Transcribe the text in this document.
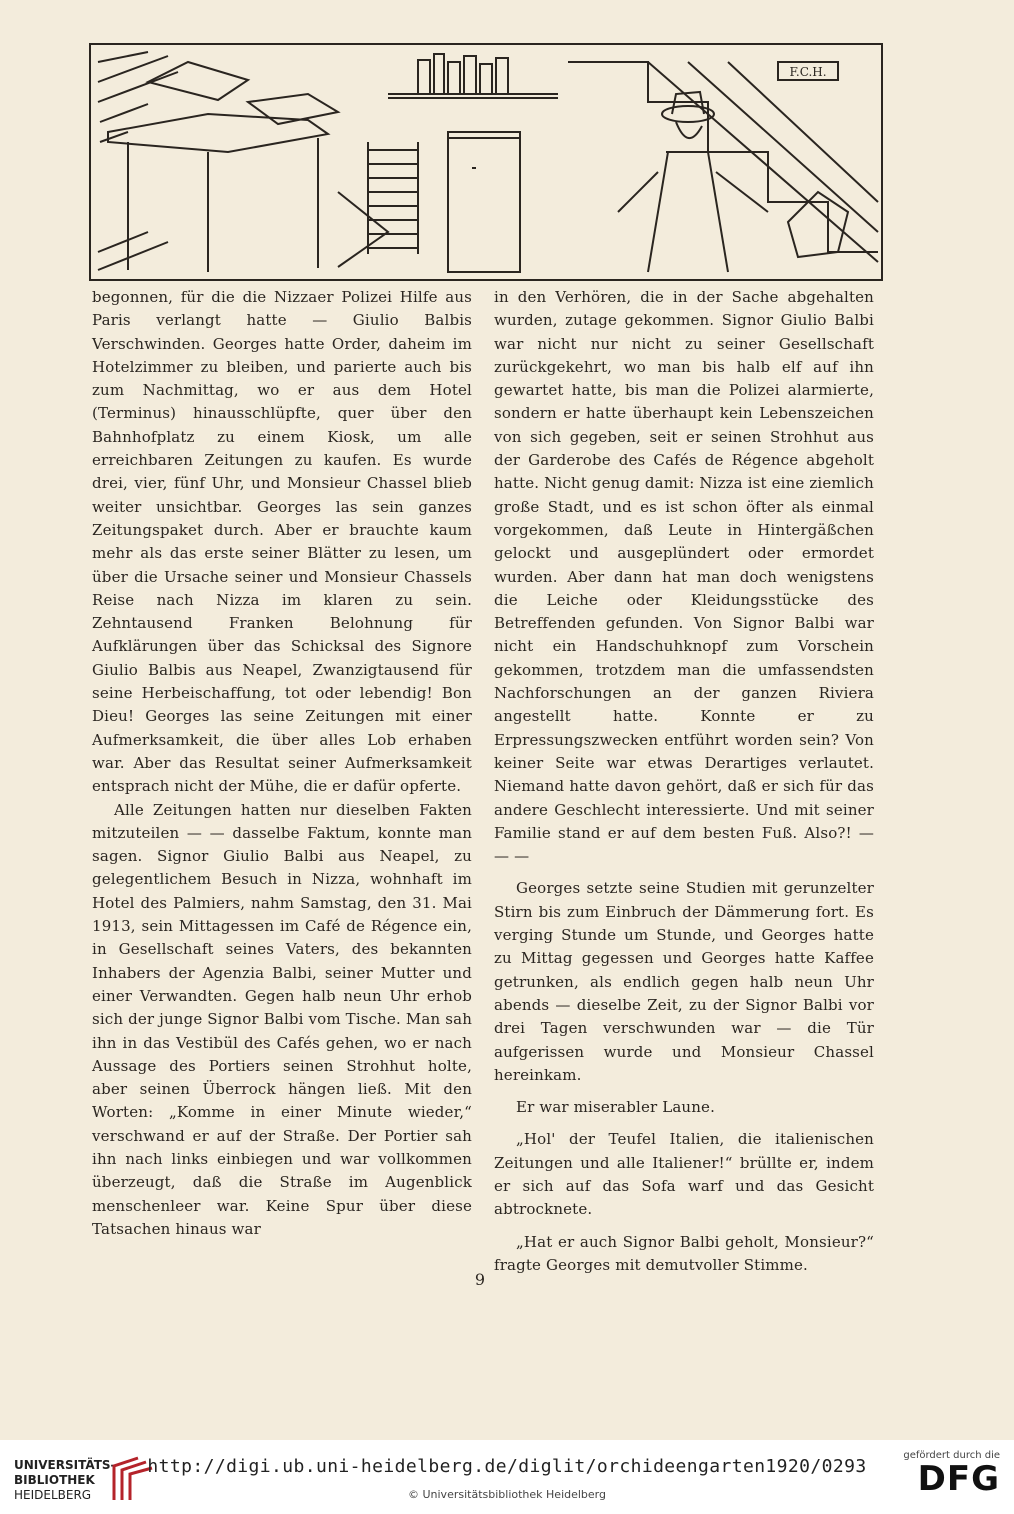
F.C.H.

begonnen, für die die Nizzaer Polizei Hilfe aus Paris verlangt hatte — Giulio Balbis Verschwinden. Georges hatte Order, daheim im Hotelzimmer zu bleiben, und parierte auch bis zum Nachmittag, wo er aus dem Hotel (Terminus) hinausschlüpfte, quer über den Bahnhofplatz zu einem Kiosk, um alle erreichbaren Zeitungen zu kaufen. Es wurde drei, vier, fünf Uhr, und Monsieur Chassel blieb weiter unsichtbar. Georges las sein ganzes Zeitungspaket durch. Aber er brauchte kaum mehr als das erste seiner Blätter zu lesen, um über die Ursache seiner und Monsieur Chassels Reise nach Nizza im klaren zu sein. Zehntausend Franken Belohnung für Aufklärungen über das Schicksal des Signore Giulio Balbis aus Neapel, Zwanzigtausend für seine Herbeischaffung, tot oder lebendig! Bon Dieu! Georges las seine Zeitungen mit einer Aufmerksamkeit, die über alles Lob erhaben war. Aber das Resultat seiner Aufmerksamkeit entsprach nicht der Mühe, die er dafür opferte.

Alle Zeitungen hatten nur dieselben Fakten mitzuteilen — — dasselbe Faktum, konnte man sagen. Signor Giulio Balbi aus Neapel, zu gelegentlichem Besuch in Nizza, wohnhaft im Hotel des Palmiers, nahm Samstag, den 31. Mai 1913, sein Mittagessen im Café de Régence ein, in Gesellschaft seines Vaters, des bekannten Inhabers der Agenzia Balbi, seiner Mutter und einer Verwandten. Gegen halb neun Uhr erhob sich der junge Signor Balbi vom Tische. Man sah ihn in das Vestibül des Cafés gehen, wo er nach Aussage des Portiers seinen Strohhut holte, aber seinen Überrock hängen ließ. Mit den Worten: „Komme in einer Minute wieder,“ verschwand er auf der Straße. Der Portier sah ihn nach links einbiegen und war vollkommen überzeugt, daß die Straße im Augenblick menschenleer war. Keine Spur über diese Tatsachen hinaus war

in den Verhören, die in der Sache abgehalten wurden, zutage gekommen. Signor Giulio Balbi war nicht nur nicht zu seiner Gesellschaft zurückgekehrt, wo man bis halb elf auf ihn gewartet hatte, bis man die Polizei alarmierte, sondern er hatte überhaupt kein Lebenszeichen von sich gegeben, seit er seinen Strohhut aus der Garderobe des Cafés de Régence abgeholt hatte. Nicht genug damit: Nizza ist eine ziemlich große Stadt, und es ist schon öfter als einmal vorgekommen, daß Leute in Hintergäßchen gelockt und ausgeplündert oder ermordet wurden. Aber dann hat man doch wenigstens die Leiche oder Kleidungsstücke des Betreffenden gefunden. Von Signor Balbi war nicht ein Handschuhknopf zum Vorschein gekommen, trotzdem man die umfassendsten Nachforschungen an der ganzen Riviera angestellt hatte. Konnte er zu Erpressungszwecken entführt worden sein? Von keiner Seite war etwas Derartiges verlautet. Niemand hatte davon gehört, daß er sich für das andere Geschlecht interessierte. Und mit seiner Familie stand er auf dem besten Fuß. Also?! — — —

Georges setzte seine Studien mit gerunzelter Stirn bis zum Einbruch der Dämmerung fort. Es verging Stunde um Stunde, und Georges hatte zu Mittag gegessen und Georges hatte Kaffee getrunken, als endlich gegen halb neun Uhr abends — dieselbe Zeit, zu der Signor Balbi vor drei Tagen verschwunden war — die Tür aufgerissen wurde und Monsieur Chassel hereinkam.

Er war miserabler Laune.

„Hol' der Teufel Italien, die italienischen Zeitungen und alle Italiener!“ brüllte er, indem er sich auf das Sofa warf und das Gesicht abtrocknete.

„Hat er auch Signor Balbi geholt, Monsieur?“ fragte Georges mit demutvoller Stimme.

9
UNIVERSITÄTS-
BIBLIOTHEK
HEIDELBERG
http://digi.ub.uni-heidelberg.de/diglit/orchideengarten1920/0293
© Universitätsbibliothek Heidelberg
gefördert durch die
DFG
